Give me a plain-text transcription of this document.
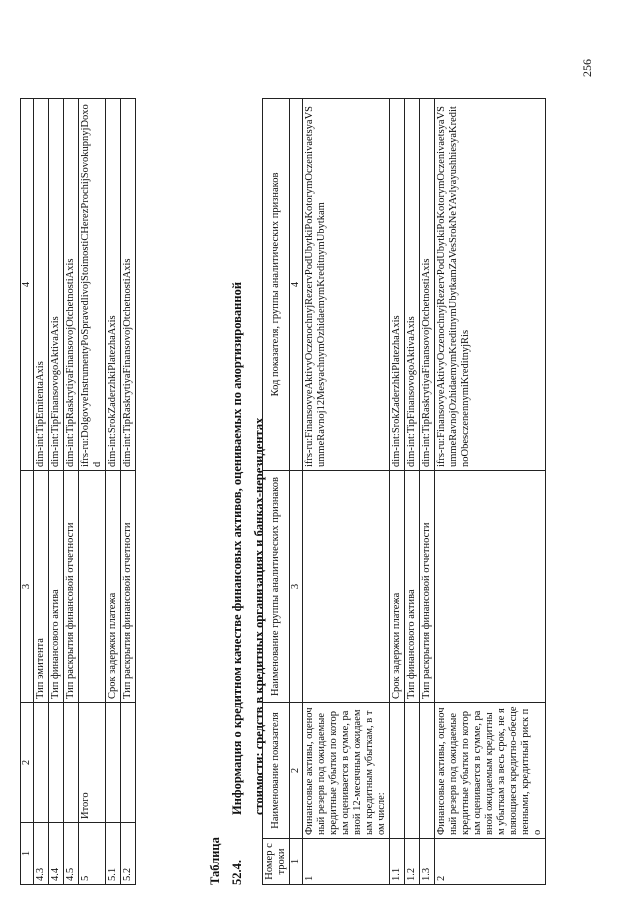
1	2	3	4
4.3		Тип эмитента	dim-int:TipEmitentaAxis
4.4		Тип финансового актива	dim-int:TipFinansovogoAktivaAxis
4.5		Тип раскрытия финансовой отчетности	dim-int:TipRaskrytiyaFinansovojOtchetnostiAxis
5	Итого		ifrs-ru:DolgovyeInstrumentyPoSpravedlivojStoimostiCHerezProchijSovokupnyjDoxod
5.1		Срок задержки платежа	dim-int:SrokZaderzhkiPlatezhaAxis
5.2		Тип раскрытия финансовой отчетности	dim-int:TipRaskrytiyaFinansovojOtchetnostiAxis
Таблица 52.4.Информация о кредитном качестве финансовых активов, оцениваемых по амортизированной стоимости: средств в кредитных организациях и банках-нерезидентах
Номер строки	Наименование показателя	Наименование группы аналитических признаков	Код показателя, группы аналитических признаков
1	2	3	4
1	Финансовые активы, оценочный резерв под ожидаемые кредитные убытки по которым оценивается в сумме, равной 12-месячным ожидаемым кредитным убыткам, в том числе:		ifrs-ru:FinansovyeAktivyOczenochnyjRezervPodUbytkiPoKotorymOczenivaetsyaVSummeRavnoj12MesyachnymOzhidaemymKreditnymUbytkam
1.1		Срок задержки платежа	dim-int:SrokZaderzhkiPlatezhaAxis
1.2		Тип финансового актива	dim-int:TipFinansovogoAktivaAxis
1.3		Тип раскрытия финансовой отчетности	dim-int:TipRaskrytiyaFinansovojOtchetnostiAxis
2	Финансовые активы, оценочный резерв под ожидаемые кредитные убытки по которым оценивается в сумме, равной ожидаемым кредитным убыткам за весь срок, не являющиеся кредитно-обесцененными, кредитный риск по		ifrs-ru:FinansovyeAktivyOczenochnyjRezervPodUbytkiPoKotorymOczenivaetsyaVSummeRavnojOzhidaemymKreditnymUbytkamZaVesSrokNeYAvlyayushhiesyaKreditnoObesczenennymiKreditnyjRis
256
